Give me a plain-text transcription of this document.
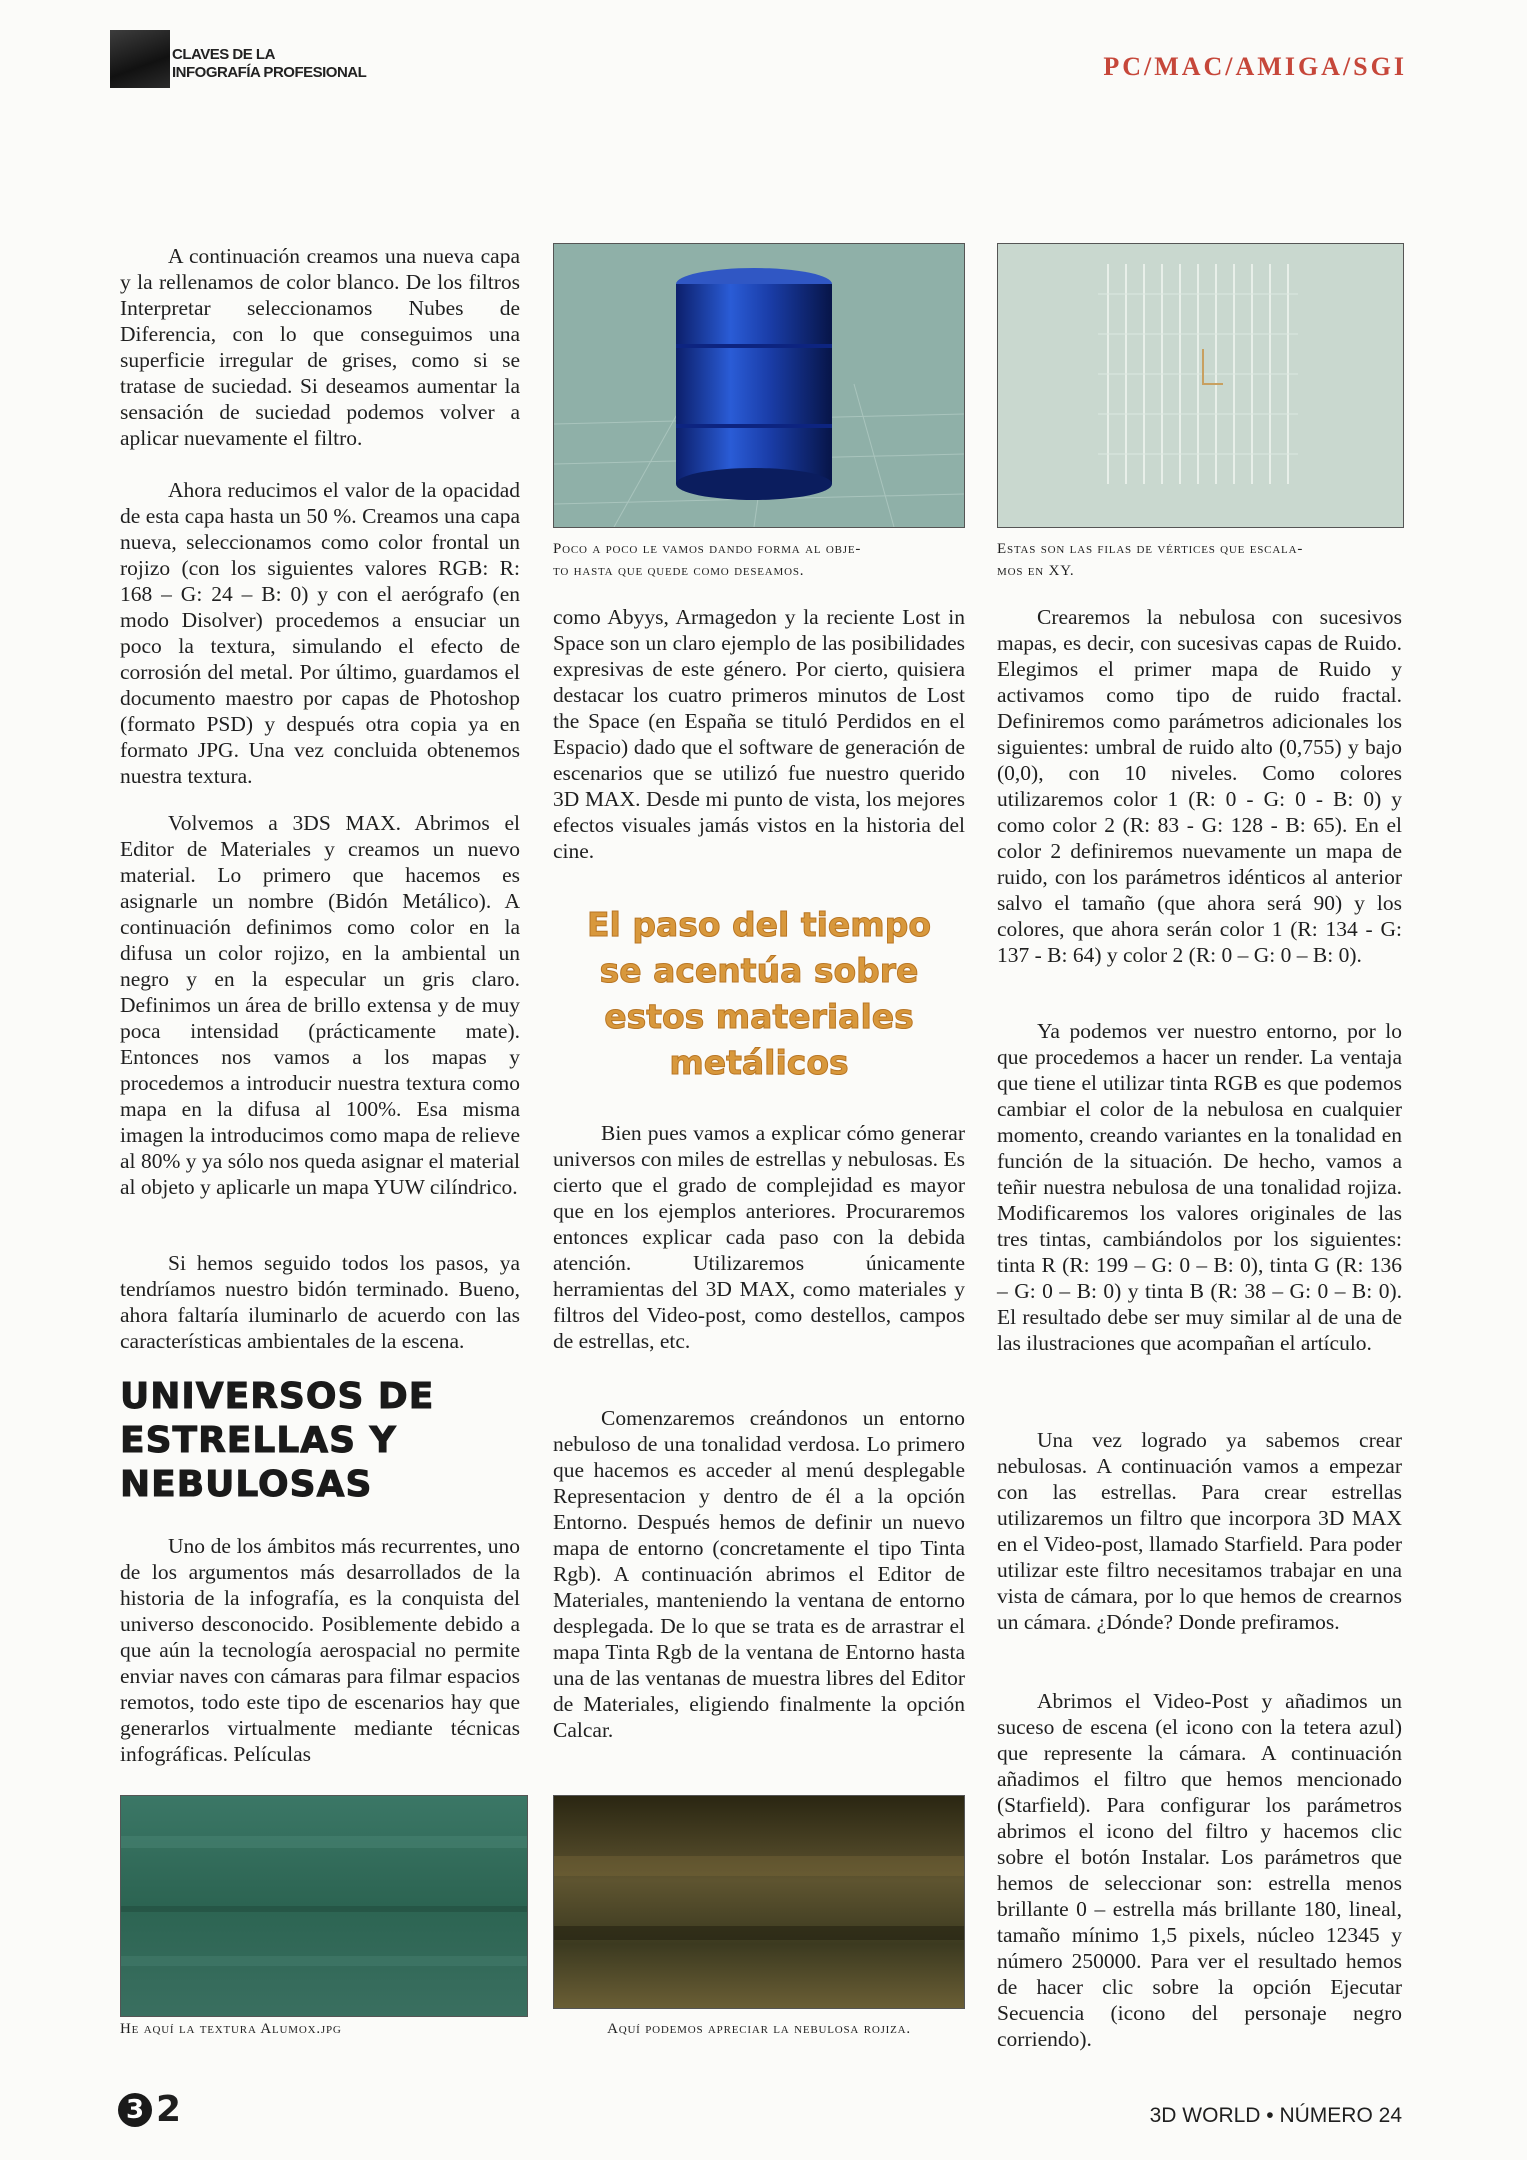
CLAVES DE LA
INFOGRAFÍA PROFESIONAL	PC/MAC/AMIGA/SGI

A continuación creamos una nueva capa y la rellenamos de color blanco. De los filtros Interpretar seleccionamos Nubes de Diferencia, con lo que conseguimos una superficie irregular de grises, como si se tratase de suciedad. Si deseamos aumentar la sensación de suciedad podemos volver a aplicar nuevamente el filtro.

Ahora reducimos el valor de la opacidad de esta capa hasta un 50 %. Creamos una capa nueva, seleccionamos como color frontal un rojizo (con los siguientes valores RGB: R: 168 – G: 24 – B: 0) y con el aerógrafo (en modo Disolver) procedemos a ensuciar un poco la textura, simulando el efecto de corrosión del metal. Por último, guardamos el documento maestro por capas de Photoshop (formato PSD) y después otra copia ya en formato JPG. Una vez concluida obtenemos nuestra textura.

Volvemos a 3DS MAX. Abrimos el Editor de Materiales y creamos un nuevo material. Lo primero que hacemos es asignarle un nombre (Bidón Metálico). A continuación definimos como color en la difusa un color rojizo, en la ambiental un negro y en la especular un gris claro. Definimos un área de brillo extensa y de muy poca intensidad (prácticamente mate). Entonces nos vamos a los mapas y procedemos a introducir nuestra textura como mapa en la difusa al 100%. Esa misma imagen la introducimos como mapa de relieve al 80% y ya sólo nos queda asignar el material al objeto y aplicarle un mapa YUW cilíndrico.

Si hemos seguido todos los pasos, ya tendríamos nuestro bidón terminado. Bueno, ahora faltaría iluminarlo de acuerdo con las características ambientales de la escena.

UNIVERSOS DE
ESTRELLAS Y
NEBULOSAS

Uno de los ámbitos más recurrentes, uno de los argumentos más desarrollados de la historia de la infografía, es la conquista del universo desconocido. Posiblemente debido a que aún la tecnología aerospacial no permite enviar naves con cámaras para filmar espacios remotos, todo este tipo de escenarios hay que generarlos virtualmente mediante técnicas infográficas. Películas

He aquí la textura Alumox.jpg
Poco a poco le vamos dando forma al obje-
to hasta que quede como deseamos.

como Abyys, Armagedon y la reciente Lost in Space son un claro ejemplo de las posibilidades expresivas de este género. Por cierto, quisiera destacar los cuatro primeros minutos de Lost the Space (en España se tituló Perdidos en el Espacio) dado que el software de generación de escenarios que se utilizó fue nuestro querido 3D MAX. Desde mi punto de vista, los mejores efectos visuales jamás vistos en la historia del cine.

El paso del tiempo
se acentúa sobre
estos materiales
metálicos

Bien pues vamos a explicar cómo generar universos con miles de estrellas y nebulosas. Es cierto que el grado de complejidad es mayor que en los ejemplos anteriores. Procuraremos entonces explicar cada paso con la debida atención. Utilizaremos únicamente herramientas del 3D MAX, como materiales y filtros del Video-post, como destellos, campos de estrellas, etc.

Comenzaremos creándonos un entorno nebuloso de una tonalidad verdosa. Lo primero que hacemos es acceder al menú desplegable Representacion y dentro de él a la opción Entorno. Después hemos de definir un nuevo mapa de entorno (concretamente el tipo Tinta Rgb). A continuación abrimos el Editor de Materiales, manteniendo la ventana de entorno desplegada. De lo que se trata es de arrastrar el mapa Tinta Rgb de la ventana de Entorno hasta una de las ventanas de muestra libres del Editor de Materiales, eligiendo finalmente la opción Calcar.

Aquí podemos apreciar la nebulosa rojiza.
Estas son las filas de vértices que escala-
mos en XY.

Crearemos la nebulosa con sucesivos mapas, es decir, con sucesivas capas de Ruido. Elegimos el primer mapa de Ruido y activamos como tipo de ruido fractal. Definiremos como parámetros adicionales los siguientes: umbral de ruido alto (0,755) y bajo (0,0), con 10 niveles. Como colores utilizaremos color 1 (R: 0 - G: 0 - B: 0) y como color 2 (R: 83 - G: 128 - B: 65). En el color 2 definiremos nuevamente un mapa de ruido, con los parámetros idénticos al anterior salvo el tamaño (que ahora será 90) y los colores, que ahora serán color 1 (R: 134 - G: 137 - B: 64) y color 2 (R: 0 – G: 0 – B: 0).

Ya podemos ver nuestro entorno, por lo que procedemos a hacer un render. La ventaja que tiene el utilizar tinta RGB es que podemos cambiar el color de la nebulosa en cualquier momento, creando variantes en la tonalidad en función de la situación. De hecho, vamos a teñir nuestra nebulosa de una tonalidad rojiza. Modificaremos los valores originales de las tres tintas, cambiándolos por los siguientes: tinta R (R: 199 – G: 0 – B: 0), tinta G (R: 136 – G: 0 – B: 0) y tinta B (R: 38 – G: 0 – B: 0). El resultado debe ser muy similar al de una de las ilustraciones que acompañan el artículo.

Una vez logrado ya sabemos crear nebulosas. A continuación vamos a empezar con las estrellas. Para crear estrellas utilizaremos un filtro que incorpora 3D MAX en el Video-post, llamado Starfield. Para poder utilizar este filtro necesitamos trabajar en una vista de cámara, por lo que hemos de crearnos un cámara. ¿Dónde? Donde prefiramos.

Abrimos el Video-Post y añadimos un suceso de escena (el icono con la tetera azul) que represente la cámara. A continuación añadimos el filtro que hemos mencionado (Starfield). Para configurar los parámetros abrimos el icono del filtro y hacemos clic sobre el botón Instalar. Los parámetros que hemos de seleccionar son: estrella menos brillante 0 – estrella más brillante 180, lineal, tamaño mínimo 1,5 pixels, núcleo 12345 y número 250000. Para ver el resultado hemos de hacer clic sobre la opción Ejecutar Secuencia (icono del personaje negro corriendo).

3 2	3D WORLD • NÚMERO 24
